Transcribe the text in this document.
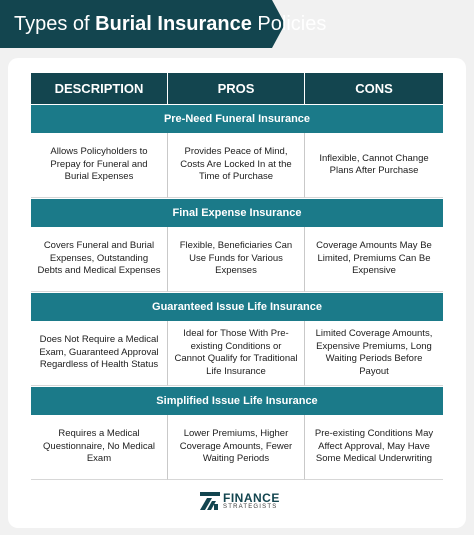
Types of Burial Insurance Policies
DESCRIPTION	PROS	CONS
Pre-Need Funeral Insurance
Allows Policyholders to Prepay for Funeral and Burial Expenses
Provides Peace of Mind, Costs Are Locked In at the Time of Purchase
Inflexible, Cannot Change Plans After Purchase
Final Expense Insurance
Covers Funeral and Burial Expenses, Outstanding Debts and Medical Expenses
Flexible, Beneficiaries Can Use Funds for Various Expenses
Coverage Amounts May Be Limited, Premiums Can Be Expensive
Guaranteed Issue Life Insurance
Does Not Require a Medical Exam, Guaranteed Approval Regardless of Health Status
Ideal for Those With Pre-existing Conditions or Cannot Qualify for Traditional Life Insurance
Limited Coverage Amounts, Expensive Premiums, Long Waiting Periods Before Payout
Simplified Issue Life Insurance
Requires a Medical Questionnaire, No Medical Exam
Lower Premiums, Higher Coverage Amounts, Fewer Waiting Periods
Pre-existing Conditions May Affect Approval, May Have Some Medical Underwriting
FINANCE
STRATEGISTS
